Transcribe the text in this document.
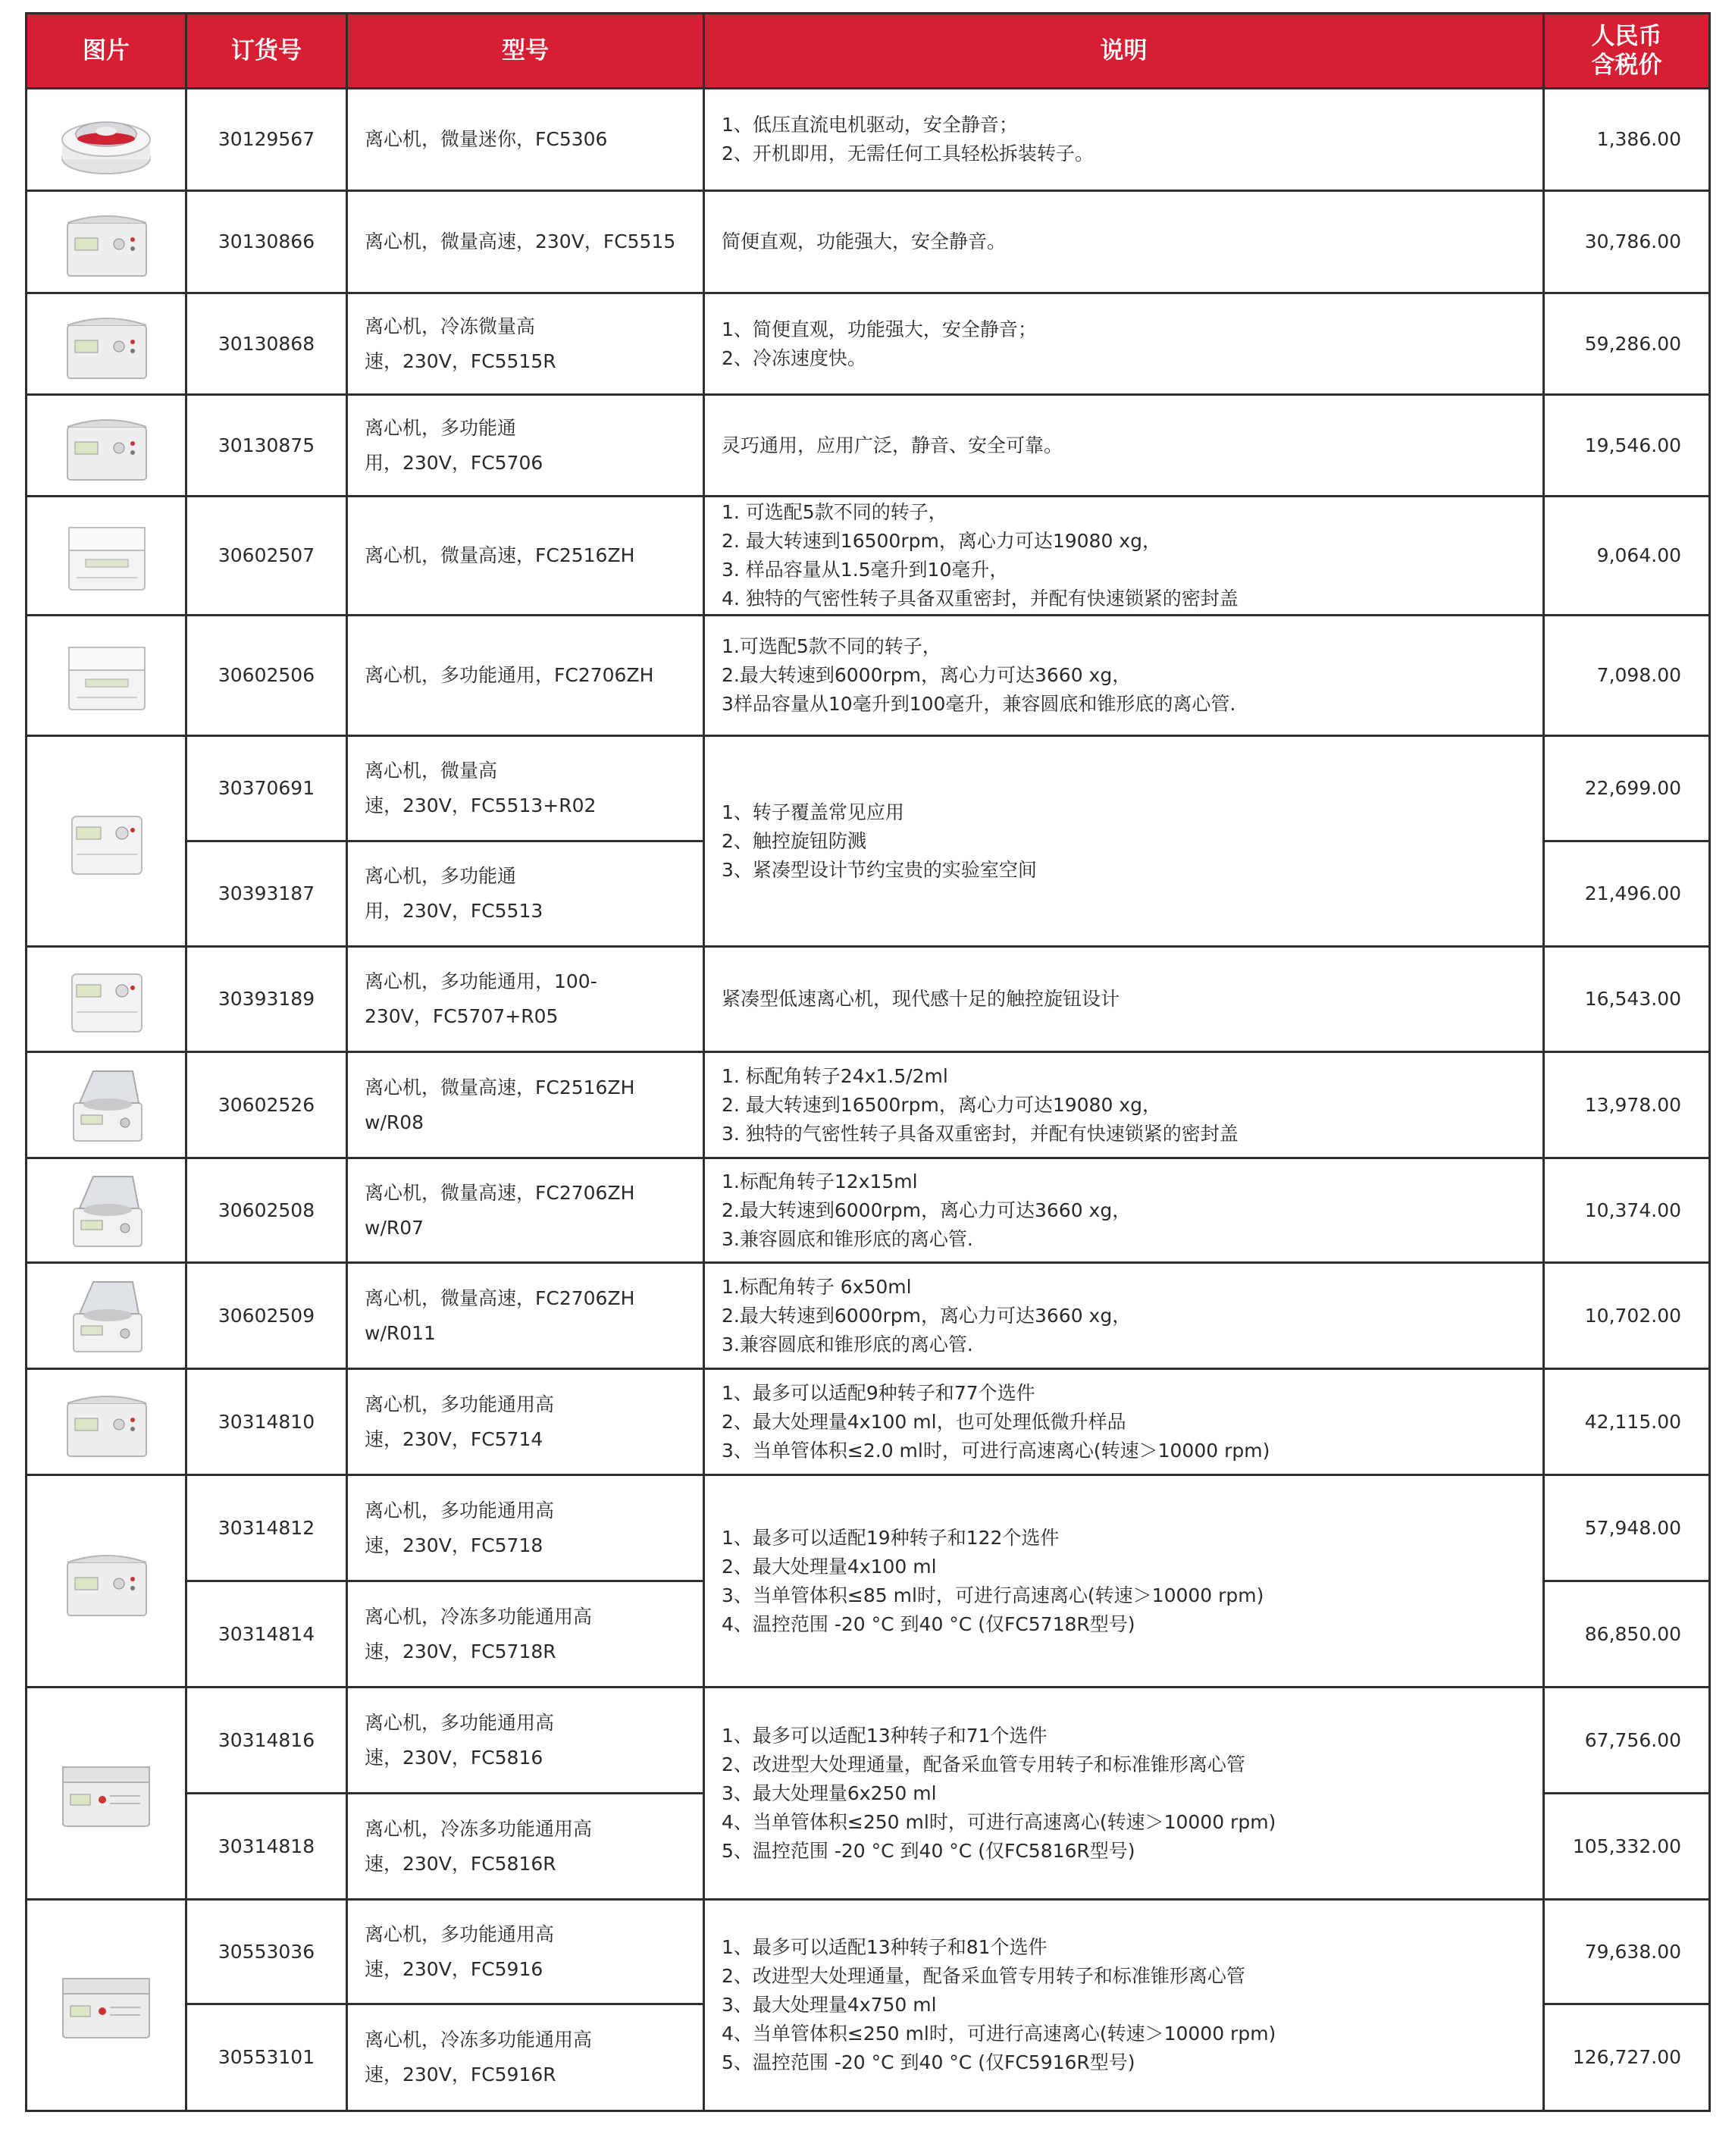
图片	订货号	型号	说明	人民币
含税价

	30129567	离心机，微量迷你，FC5306	1、低压直流电机驱动，安全静音；
2、开机即用，无需任何工具轻松拆装转子。	1,386.00

	30130866	离心机，微量高速，230V，FC5515	简便直观，功能强大，安全静音。	30,786.00

	30130868	离心机，冷冻微量高
速，230V，FC5515R	1、简便直观，功能强大，安全静音；
2、冷冻速度快。	59,286.00

	30130875	离心机，多功能通
用，230V，FC5706	灵巧通用，应用广泛，静音、安全可靠。	19,546.00

	30602507	离心机，微量高速，FC2516ZH	1. 可选配5款不同的转子，
2. 最大转速到16500rpm，离心力可达19080 xg，
3. 样品容量从1.5毫升到10毫升，
4. 独特的气密性转子具备双重密封，并配有快速锁紧的密封盖	9,064.00

	30602506	离心机，多功能通用，FC2706ZH	1.可选配5款不同的转子，
2.最大转速到6000rpm，离心力可达3660 xg，
3样品容量从10毫升到100毫升，兼容圆底和锥形底的离心管.	7,098.00

	30370691	离心机，微量高
速，230V，FC5513+R02	1、转子覆盖常见应用
2、触控旋钮防溅
3、紧凑型设计节约宝贵的实验室空间	22,699.00
	30393187	离心机，多功能通
用，230V，FC5513		21,496.00

	30393189	离心机，多功能通用，100-
230V，FC5707+R05	紧凑型低速离心机，现代感十足的触控旋钮设计	16,543.00

	30602526	离心机，微量高速，FC2516ZH
w/R08	1. 标配角转子24x1.5/2ml
2. 最大转速到16500rpm，离心力可达19080 xg，
3. 独特的气密性转子具备双重密封，并配有快速锁紧的密封盖	13,978.00

	30602508	离心机，微量高速，FC2706ZH
w/R07	1.标配角转子12x15ml
2.最大转速到6000rpm，离心力可达3660 xg，
3.兼容圆底和锥形底的离心管.	10,374.00

	30602509	离心机，微量高速，FC2706ZH
w/R011	1.标配角转子 6x50ml
2.最大转速到6000rpm，离心力可达3660 xg，
3.兼容圆底和锥形底的离心管.	10,702.00

	30314810	离心机，多功能通用高
速，230V，FC5714	1、最多可以适配9种转子和77个选件
2、最大处理量4x100 ml，也可处理低微升样品
3、当单管体积≤2.0 ml时，可进行高速离心(转速＞10000 rpm)	42,115.00

	30314812	离心机，多功能通用高
速，230V，FC5718	1、最多可以适配19种转子和122个选件
2、最大处理量4x100 ml
3、当单管体积≤85 ml时，可进行高速离心(转速＞10000 rpm)
4、温控范围 -20 °C 到40 °C (仅FC5718R型号)	57,948.00
	30314814	离心机，冷冻多功能通用高
速，230V，FC5718R		86,850.00

	30314816	离心机，多功能通用高
速，230V，FC5816	1、最多可以适配13种转子和71个选件
2、改进型大处理通量，配备采血管专用转子和标准锥形离心管
3、最大处理量6x250 ml
4、当单管体积≤250 ml时，可进行高速离心(转速＞10000 rpm)
5、温控范围 -20 °C 到40 °C (仅FC5816R型号)	67,756.00
	30314818	离心机，冷冻多功能通用高
速，230V，FC5816R		105,332.00

	30553036	离心机，多功能通用高
速，230V，FC5916	1、最多可以适配13种转子和81个选件
2、改进型大处理通量，配备采血管专用转子和标准锥形离心管
3、最大处理量4x750 ml
4、当单管体积≤250 ml时，可进行高速离心(转速＞10000 rpm)
5、温控范围 -20 °C 到40 °C (仅FC5916R型号)	79,638.00
	30553101	离心机，冷冻多功能通用高
速，230V，FC5916R		126,727.00
